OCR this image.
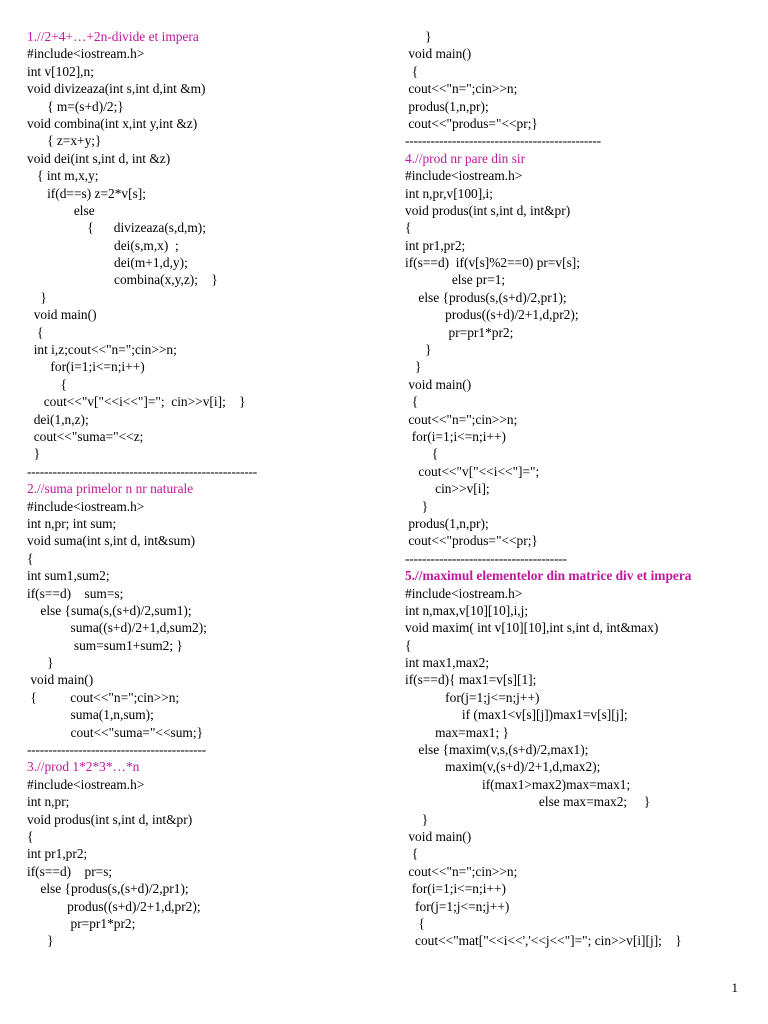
1.//2+4+…+2n-divide et impera
#include<iostream.h>
int v[102],n;
void divizeaza(int s,int d,int &m)
{ m=(s+d)/2;}
void combina(int x,int y,int &z)
{ z=x+y;}
void dei(int s,int d, int &z)
{ int m,x,y;
if(d==s) z=2*v[s];
else
{      divizeaza(s,d,m);
dei(s,m,x)  ;
dei(m+1,d,y);
combina(x,y,z);    }
}
void main()
{
int i,z;cout<<"n=";cin>>n;
for(i=1;i<=n;i++)
{
cout<<"v["<<i<<"]=";  cin>>v[i];    }
dei(1,n,z);
cout<<"suma="<<z;
}
------------------------------------------------------
2.//suma primelor n nr naturale
#include<iostream.h>
int n,pr; int sum;
void suma(int s,int d, int&sum)
{
int sum1,sum2;
if(s==d)    sum=s;
else {suma(s,(s+d)/2,sum1);
suma((s+d)/2+1,d,sum2);
sum=sum1+sum2; }
}
void main()
{          cout<<"n=";cin>>n;
suma(1,n,sum);
cout<<"suma="<<sum;}
------------------------------------------
3.//prod 1*2*3*…*n
#include<iostream.h>
int n,pr;
void produs(int s,int d, int&pr)
{
int pr1,pr2;
if(s==d)    pr=s;
else {produs(s,(s+d)/2,pr1);
produs((s+d)/2+1,d,pr2);
pr=pr1*pr2;
}
}
void main()
{
cout<<"n=";cin>>n;
produs(1,n,pr);
cout<<"produs="<<pr;}
----------------------------------------------
4.//prod nr pare din sir
#include<iostream.h>
int n,pr,v[100],i;
void produs(int s,int d, int&pr)
{
int pr1,pr2;
if(s==d)  if(v[s]%2==0) pr=v[s];
else pr=1;
else {produs(s,(s+d)/2,pr1);
produs((s+d)/2+1,d,pr2);
pr=pr1*pr2;
}
}
void main()
{
cout<<"n=";cin>>n;
for(i=1;i<=n;i++)
{
cout<<"v["<<i<<"]=";
cin>>v[i];
}
produs(1,n,pr);
cout<<"produs="<<pr;}
--------------------------------------
5.//maximul elementelor din matrice div et impera
#include<iostream.h>
int n,max,v[10][10],i,j;
void maxim( int v[10][10],int s,int d, int&max)
{
int max1,max2;
if(s==d){ max1=v[s][1];
for(j=1;j<=n;j++)
if (max1<v[s][j])max1=v[s][j];
max=max1; }
else {maxim(v,s,(s+d)/2,max1);
maxim(v,(s+d)/2+1,d,max2);
if(max1>max2)max=max1;
else max=max2;     }
}
void main()
{
cout<<"n=";cin>>n;
for(i=1;i<=n;i++)
for(j=1;j<=n;j++)
{
cout<<"mat["<<i<<','<<j<<"]="; cin>>v[i][j];    }
1
